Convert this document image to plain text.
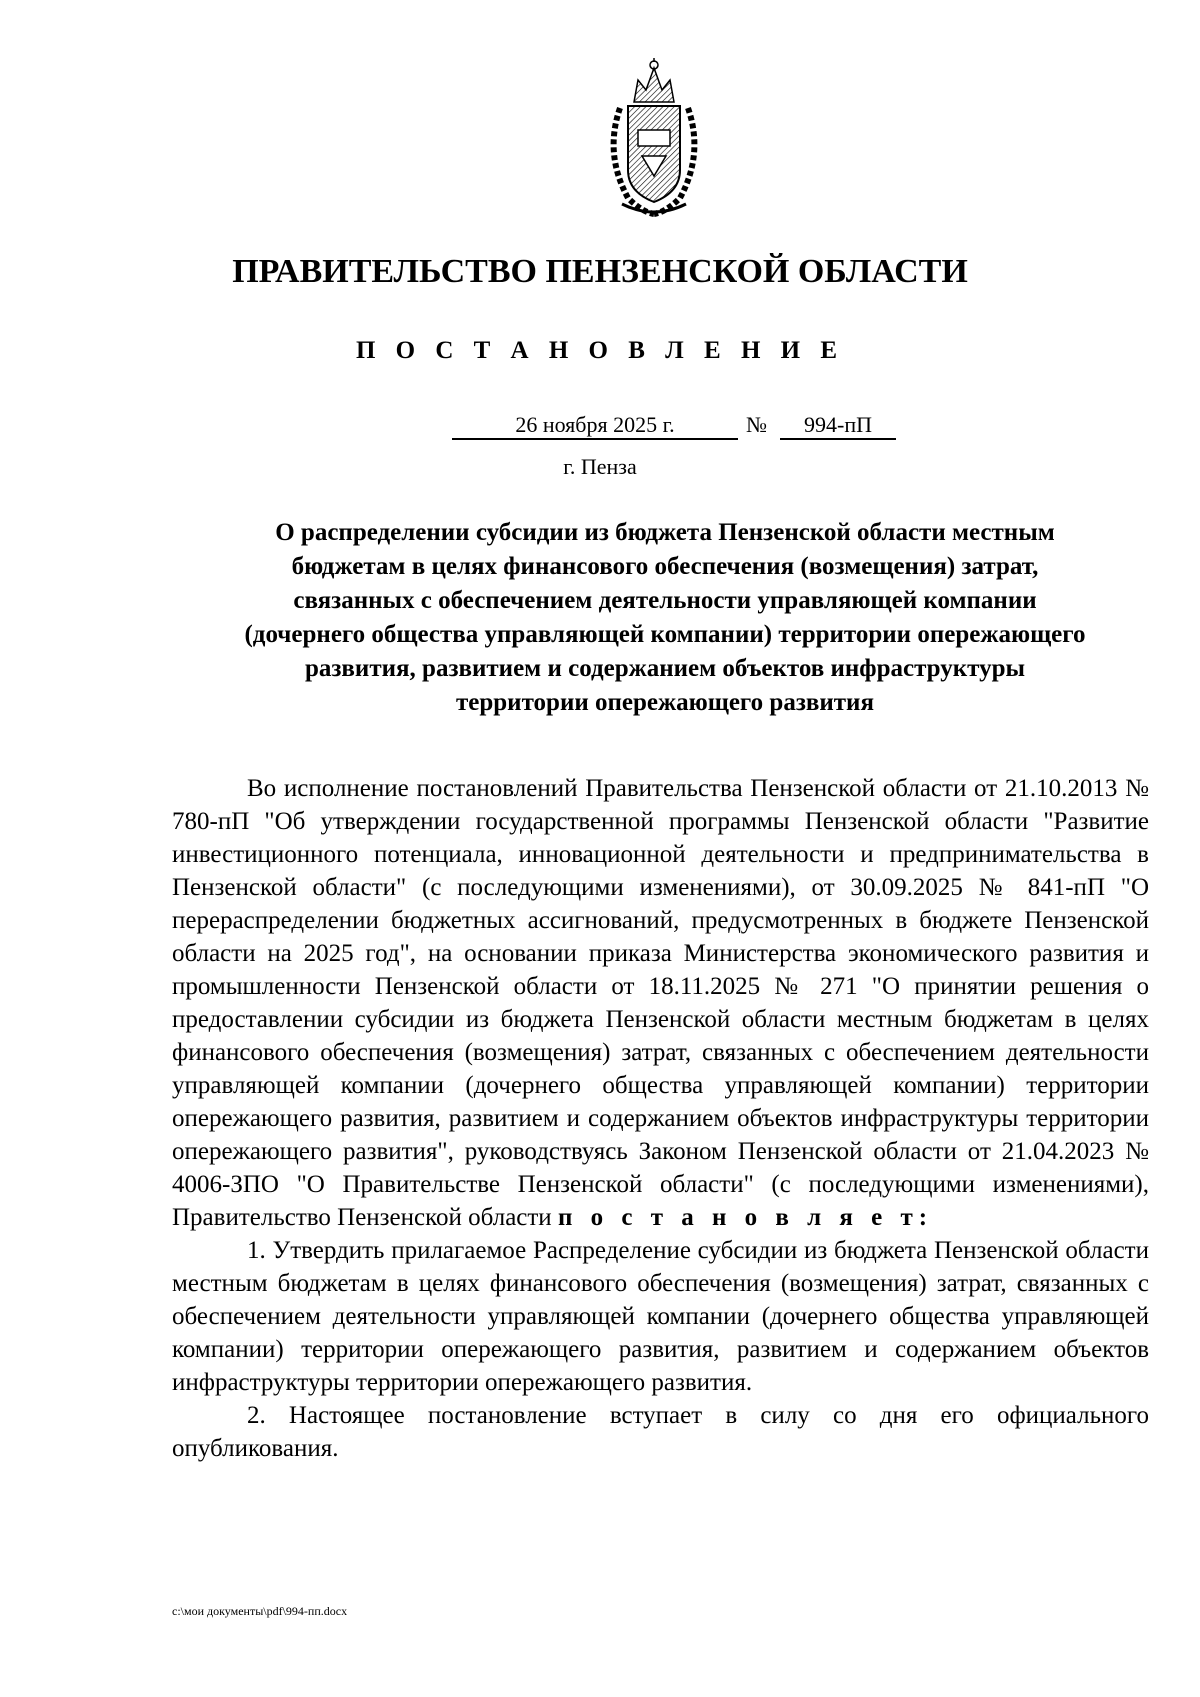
ПРАВИТЕЛЬСТВО ПЕНЗЕНСКОЙ ОБЛАСТИ
П О С Т А Н О В Л Е Н И Е
26 ноября 2025 г.	№	994-пП
г. Пенза
О распределении субсидии из бюджета Пензенской области местным
бюджетам в целях финансового обеспечения (возмещения) затрат,
связанных с обеспечением деятельности управляющей компании
(дочернего общества управляющей компании) территории опережающего
развития, развитием и содержанием объектов инфраструктуры
территории опережающего развития

Во исполнение постановлений Правительства Пензенской области от 21.10.2013 № 780-пП "Об утверждении государственной программы Пензенской области "Развитие инвестиционного потенциала, инновационной деятельности и предпринимательства в Пензенской области" (с последующими изменениями), от 30.09.2025 № 841-пП "О перераспределении бюджетных ассигнований, предусмотренных в бюджете Пензенской области на 2025 год", на основании приказа Министерства экономического развития и промышленности Пензенской области от 18.11.2025 № 271 "О принятии решения о предоставлении субсидии из бюджета Пензенской области местным бюджетам в целях финансового обеспечения (возмещения) затрат, связанных с обеспечением деятельности управляющей компании (дочернего общества управляющей компании) территории опережающего развития, развитием и содержанием объектов инфраструктуры территории опережающего развития", руководствуясь Законом Пензенской области от 21.04.2023 № 4006-ЗПО "О Правительстве Пензенской области" (с последующими изменениями), Правительство Пензенской области п о с т а н о в л я е т:

1. Утвердить прилагаемое Распределение субсидии из бюджета Пензенской области местным бюджетам в целях финансового обеспечения (возмещения) затрат, связанных с обеспечением деятельности управляющей компании (дочернего общества управляющей компании) территории опережающего развития, развитием и содержанием объектов инфраструктуры территории опережающего развития.

2. Настоящее постановление вступает в силу со дня его официального опубликования.

c:\мои документы\pdf\994-пп.docx
